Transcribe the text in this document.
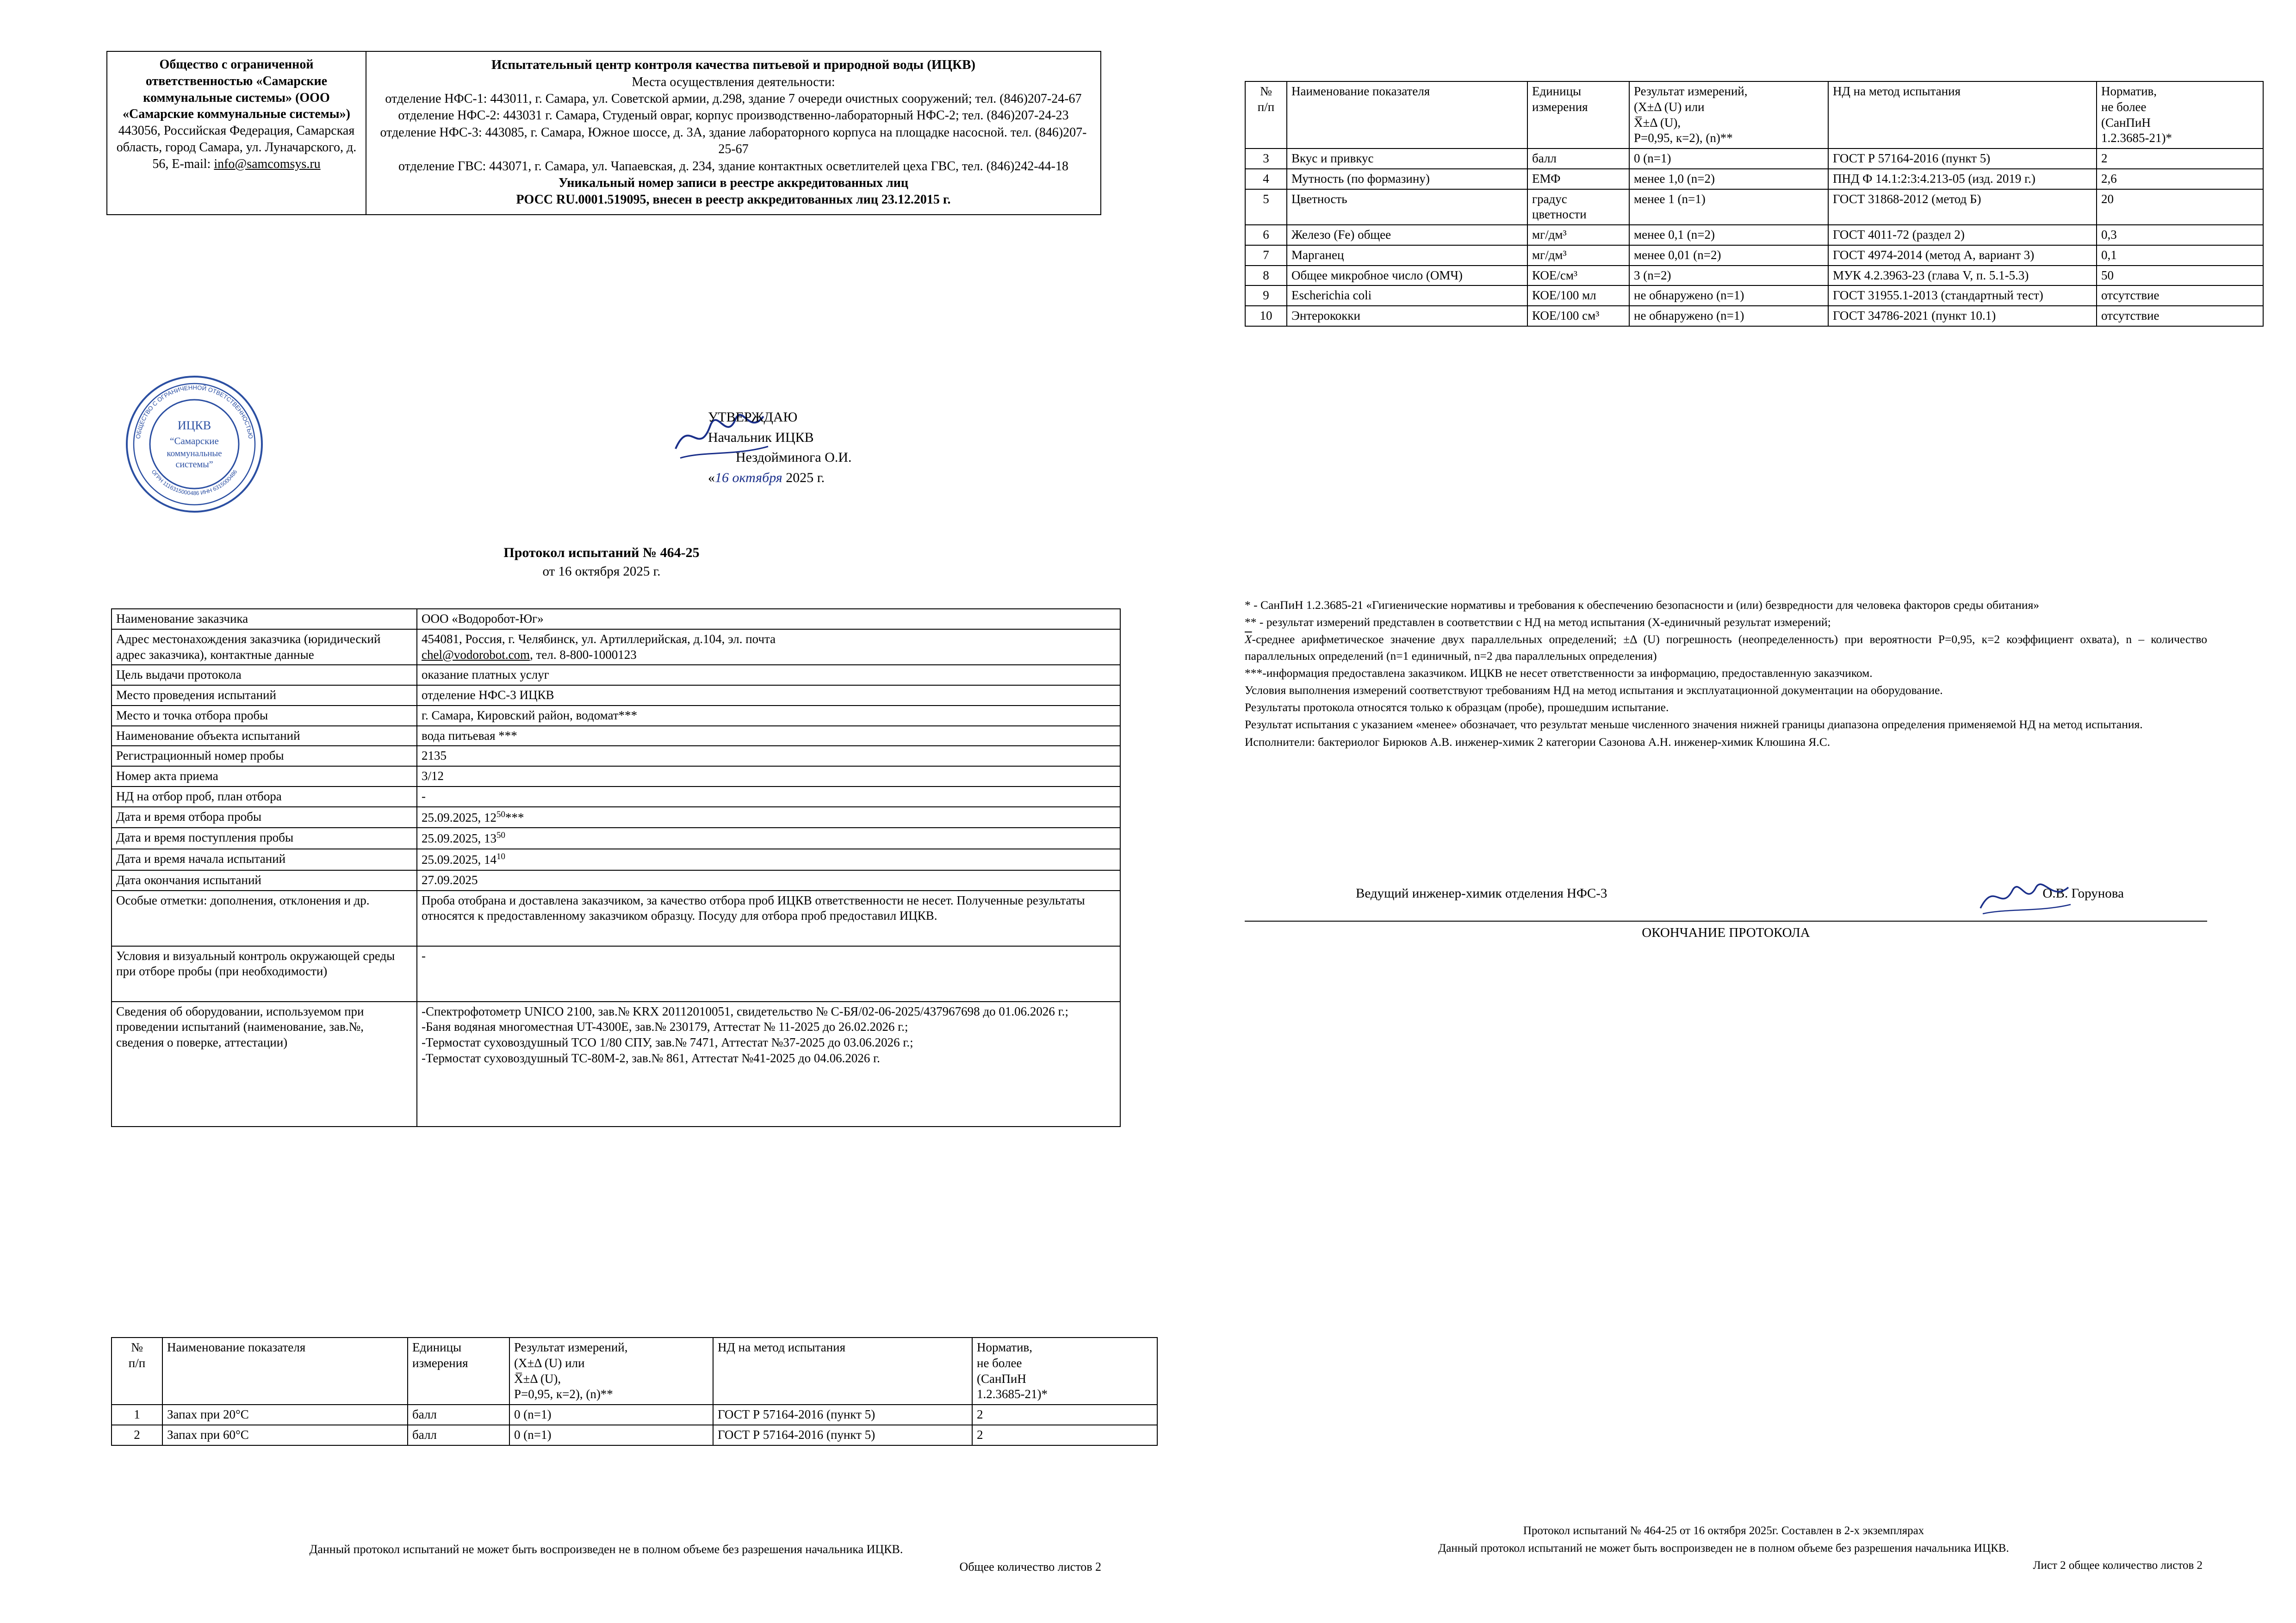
Общество с ограниченной ответственностью «Самарские коммунальные системы» (ООО «Самарские коммунальные системы») 443056, Российская Федерация, Самарская область, город Самара, ул. Луначарского, д. 56, E-mail: info@samcomsys.ru
Испытательный центр контроля качества питьевой и природной воды (ИЦКВ)
Места осуществления деятельности:
отделение НФС-1: 443011, г. Самара, ул. Советской армии, д.298, здание 7 очереди очистных сооружений; тел. (846)207-24-67
отделение НФС-2: 443031 г. Самара, Студеный овраг, корпус производственно-лабораторный НФС-2; тел. (846)207-24-23
отделение НФС-3: 443085, г. Самара, Южное шоссе, д. 3А, здание лабораторного корпуса на площадке насосной. тел. (846)207-25-67
отделение ГВС: 443071, г. Самара, ул. Чапаевская, д. 234, здание контактных осветлителей цеха ГВС, тел. (846)242-44-18
Уникальный номер записи в реестре аккредитованных лиц
РОСС RU.0001.519095, внесен в реестр аккредитованных лиц 23.12.2015 г.
ОБЩЕСТВО С ОГРАНИЧЕННОЙ ОТВЕТСТВЕННОСТЬЮ
ОГРН 1116315000486 ИНН 6315000486
ИЦКВ
“Самарские
коммунальные
системы”
УТВЕРЖДАЮ
Начальник ИЦКВ
Нездойминога О.И.
«16 октября 2025 г.
Протокол испытаний № 464-25
от 16 октября 2025 г.
Наименование заказчика	ООО «Водоробот-Юг»
Адрес местонахождения заказчика (юридический адрес заказчика), контактные данные	454081, Россия, г. Челябинск, ул. Артиллерийская, д.104, эл. почта
chel@vodorobot.com, тел. 8-800-1000123
Цель выдачи протокола	оказание платных услуг
Место проведения испытаний	отделение НФС-3 ИЦКВ
Место и точка отбора пробы	г. Самара, Кировский район, водомат***
Наименование объекта испытаний	вода питьевая ***
Регистрационный номер пробы	2135
Номер акта приема	3/12
НД на отбор проб, план отбора	-
Дата и время отбора пробы	25.09.2025, $12^{50}***$
Дата и время поступления пробы	25.09.2025, $13^{50}$
Дата и время начала испытаний	25.09.2025, $14^{10}$
Дата окончания испытаний	27.09.2025
Особые отметки: дополнения, отклонения и др.	Проба отобрана и доставлена заказчиком, за качество отбора проб ИЦКВ ответственности не несет. Полученные результаты относятся к предоставленному заказчиком образцу. Посуду для отбора проб предоставил ИЦКВ.
Условия и визуальный контроль окружающей среды при отборе пробы (при необходимости)	-
Сведения об оборудовании, используемом при проведении испытаний (наименование, зав.№, сведения о поверке, аттестации)	-Спектрофотометр UNICO 2100, зав.№ KRX 20112010051, свидетельство № С-БЯ/02-06-2025/437967698 до 01.06.2026 г.;
-Баня водяная многоместная UT-4300E, зав.№ 230179, Аттестат № 11-2025 до 26.02.2026 г.;
-Термостат суховоздушный ТСО 1/80 СПУ, зав.№ 7471, Аттестат №37-2025 до 03.06.2026 г.;
-Термостат суховоздушный ТС-80М-2, зав.№ 861, Аттестат №41-2025 до 04.06.2026 г.
№
п/п	Наименование показателя	Единицы
измерения	Результат измерений,
(X±Δ (U) или
X̅±Δ (U),
Р=0,95, к=2), (n)**	НД на метод испытания	Норматив,
не более
(СанПиН
1.2.3685-21)*
1	Запах при 20°С	балл	0 (n=1)	ГОСТ Р 57164-2016 (пункт 5)	2
2	Запах при 60°С	балл	0 (n=1)	ГОСТ Р 57164-2016 (пункт 5)	2
Данный протокол испытаний не может быть воспроизведен не в полном объеме без разрешения начальника ИЦКВ.
Общее количество листов 2
№
п/п	Наименование показателя	Единицы
измерения	Результат измерений,
(X±Δ (U) или
X̅±Δ (U),
Р=0,95, к=2), (n)**	НД на метод испытания	Норматив,
не более
(СанПиН
1.2.3685-21)*
3	Вкус и привкус	балл	0 (n=1)	ГОСТ Р 57164-2016 (пункт 5)	2
4	Мутность (по формазину)	ЕМФ	менее 1,0 (n=2)	ПНД Ф 14.1:2:3:4.213-05 (изд. 2019 г.)	2,6
5	Цветность	градус цветности	менее 1 (n=1)	ГОСТ 31868-2012 (метод Б)	20
6	Железо (Fe) общее	мг/дм³	менее 0,1 (n=2)	ГОСТ 4011-72 (раздел 2)	0,3
7	Марганец	мг/дм³	менее 0,01 (n=2)	ГОСТ 4974-2014 (метод А, вариант 3)	0,1
8	Общее микробное число (ОМЧ)	КОЕ/см³	3 (n=2)	МУК 4.2.3963-23 (глава V, п. 5.1-5.3)	50
9	Escherichia coli	КОЕ/100 мл	не обнаружено (n=1)	ГОСТ 31955.1-2013 (стандартный тест)	отсутствие
10	Энтерококки	КОЕ/100 см³	не обнаружено (n=1)	ГОСТ 34786-2021 (пункт 10.1)	отсутствие

* - СанПиН 1.2.3685-21 «Гигиенические нормативы и требования к обеспечению безопасности и (или) безвредности для человека факторов среды обитания»

** - результат измерений представлен в соответствии с НД на метод испытания (Х-единичный результат измерений;

$\overline{X}$-среднее арифметическое значение двух параллельных определений; ±Δ (U) погрешность (неопределенность) при вероятности Р=0,95, к=2 коэффициент охвата), n – количество параллельных определений (n=1 единичный, n=2 два параллельных определения)

***-информация предоставлена заказчиком. ИЦКВ не несет ответственности за информацию, предоставленную заказчиком.

Условия выполнения измерений соответствуют требованиям НД на метод испытания и эксплуатационной документации на оборудование.

Результаты протокола относятся только к образцам (пробе), прошедшим испытание.

Результат испытания с указанием «менее» обозначает, что результат меньше численного значения нижней границы диапазона определения применяемой НД на метод испытания.

Исполнители: бактериолог Бирюков А.В. инженер-химик 2 категории Сазонова А.Н. инженер-химик Клюшина Я.С.

Ведущий инженер-химик отделения НФС-3	О.В. Горунова
ОКОНЧАНИЕ ПРОТОКОЛА
Протокол испытаний № 464-25 от 16 октября 2025г. Составлен в 2-х экземплярах
Данный протокол испытаний не может быть воспроизведен не в полном объеме без разрешения начальника ИЦКВ.
Лист 2 общее количество листов 2
